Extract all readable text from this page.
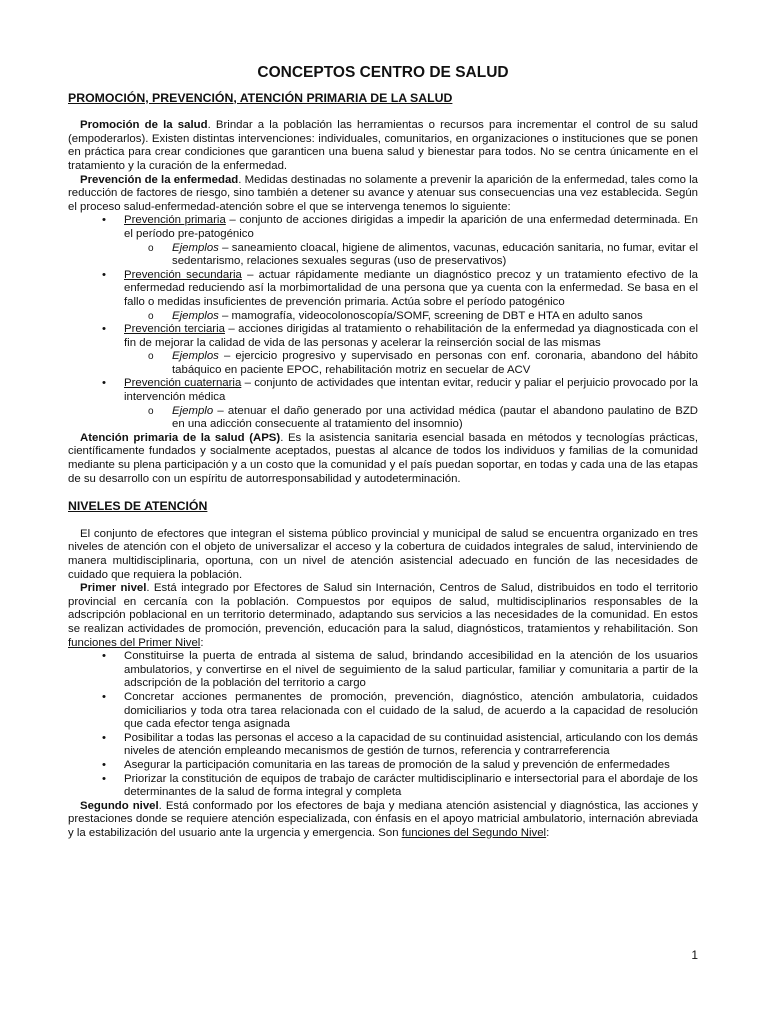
CONCEPTOS CENTRO DE SALUD
PROMOCIÓN, PREVENCIÓN, ATENCIÓN PRIMARIA DE LA SALUD

Promoción de la salud. Brindar a la población las herramientas o recursos para incrementar el control de su salud (empoderarlos). Existen distintas intervenciones: individuales, comunitarios, en organizaciones o instituciones que se ponen en práctica para crear condiciones que garanticen una buena salud y bienestar para todos. No se centra únicamente en el tratamiento y la curación de la enfermedad.

Prevención de la enfermedad. Medidas destinadas no solamente a prevenir la aparición de la enfermedad, tales como la reducción de factores de riesgo, sino también a detener su avance y atenuar sus consecuencias una vez establecida. Según el proceso salud-enfermedad-atención sobre el que se intervenga tenemos lo siguiente:

• Prevención primaria – conjunto de acciones dirigidas a impedir la aparición de una enfermedad determinada. En el período pre-patogénico
o Ejemplos – saneamiento cloacal, higiene de alimentos, vacunas, educación sanitaria, no fumar, evitar el sedentarismo, relaciones sexuales seguras (uso de preservativos)
• Prevención secundaria – actuar rápidamente mediante un diagnóstico precoz y un tratamiento efectivo de la enfermedad reduciendo así la morbimortalidad de una persona que ya cuenta con la enfermedad. Se basa en el fallo o medidas insuficientes de prevención primaria. Actúa sobre el período patogénico
o Ejemplos – mamografía, videocolonoscopía/SOMF, screening de DBT e HTA en adulto sanos
• Prevención terciaria – acciones dirigidas al tratamiento o rehabilitación de la enfermedad ya diagnosticada con el fin de mejorar la calidad de vida de las personas y acelerar la reinserción social de las mismas
o Ejemplos – ejercicio progresivo y supervisado en personas con enf. coronaria, abandono del hábito tabáquico en paciente EPOC, rehabilitación motriz en secuelar de ACV
• Prevención cuaternaria – conjunto de actividades que intentan evitar, reducir y paliar el perjuicio provocado por la intervención médica
o Ejemplo – atenuar el daño generado por una actividad médica (pautar el abandono paulatino de BZD en una adicción consecuente al tratamiento del insomnio)

Atención primaria de la salud (APS). Es la asistencia sanitaria esencial basada en métodos y tecnologías prácticas, científicamente fundados y socialmente aceptados, puestas al alcance de todos los individuos y familias de la comunidad mediante su plena participación y a un costo que la comunidad y el país puedan soportar, en todas y cada una de las etapas de su desarrollo con un espíritu de autorresponsabilidad y autodeterminación.

NIVELES DE ATENCIÓN

El conjunto de efectores que integran el sistema público provincial y municipal de salud se encuentra organizado en tres niveles de atención con el objeto de universalizar el acceso y la cobertura de cuidados integrales de salud, interviniendo de manera multidisciplinaria, oportuna, con un nivel de atención asistencial adecuado en función de las necesidades de cuidado que requiera la población.

Primer nivel. Está integrado por Efectores de Salud sin Internación, Centros de Salud, distribuidos en todo el territorio provincial en cercanía con la población. Compuestos por equipos de salud, multidisciplinarios responsables de la adscripción poblacional en un territorio determinado, adaptando sus servicios a las necesidades de la comunidad. En estos se realizan actividades de promoción, prevención, educación para la salud, diagnósticos, tratamientos y rehabilitación. Son funciones del Primer Nivel:

• Constituirse la puerta de entrada al sistema de salud, brindando accesibilidad en la atención de los usuarios ambulatorios, y convertirse en el nivel de seguimiento de la salud particular, familiar y comunitaria a partir de la adscripción de la población del territorio a cargo
• Concretar acciones permanentes de promoción, prevención, diagnóstico, atención ambulatoria, cuidados domiciliarios y toda otra tarea relacionada con el cuidado de la salud, de acuerdo a la capacidad de resolución que cada efector tenga asignada
• Posibilitar a todas las personas el acceso a la capacidad de su continuidad asistencial, articulando con los demás niveles de atención empleando mecanismos de gestión de turnos, referencia y contrarreferencia
• Asegurar la participación comunitaria en las tareas de promoción de la salud y prevención de enfermedades
• Priorizar la constitución de equipos de trabajo de carácter multidisciplinario e intersectorial para el abordaje de los determinantes de la salud de forma integral y completa

Segundo nivel. Está conformado por los efectores de baja y mediana atención asistencial y diagnóstica, las acciones y prestaciones donde se requiere atención especializada, con énfasis en el apoyo matricial ambulatorio, internación abreviada y la estabilización del usuario ante la urgencia y emergencia. Son funciones del Segundo Nivel:

1
